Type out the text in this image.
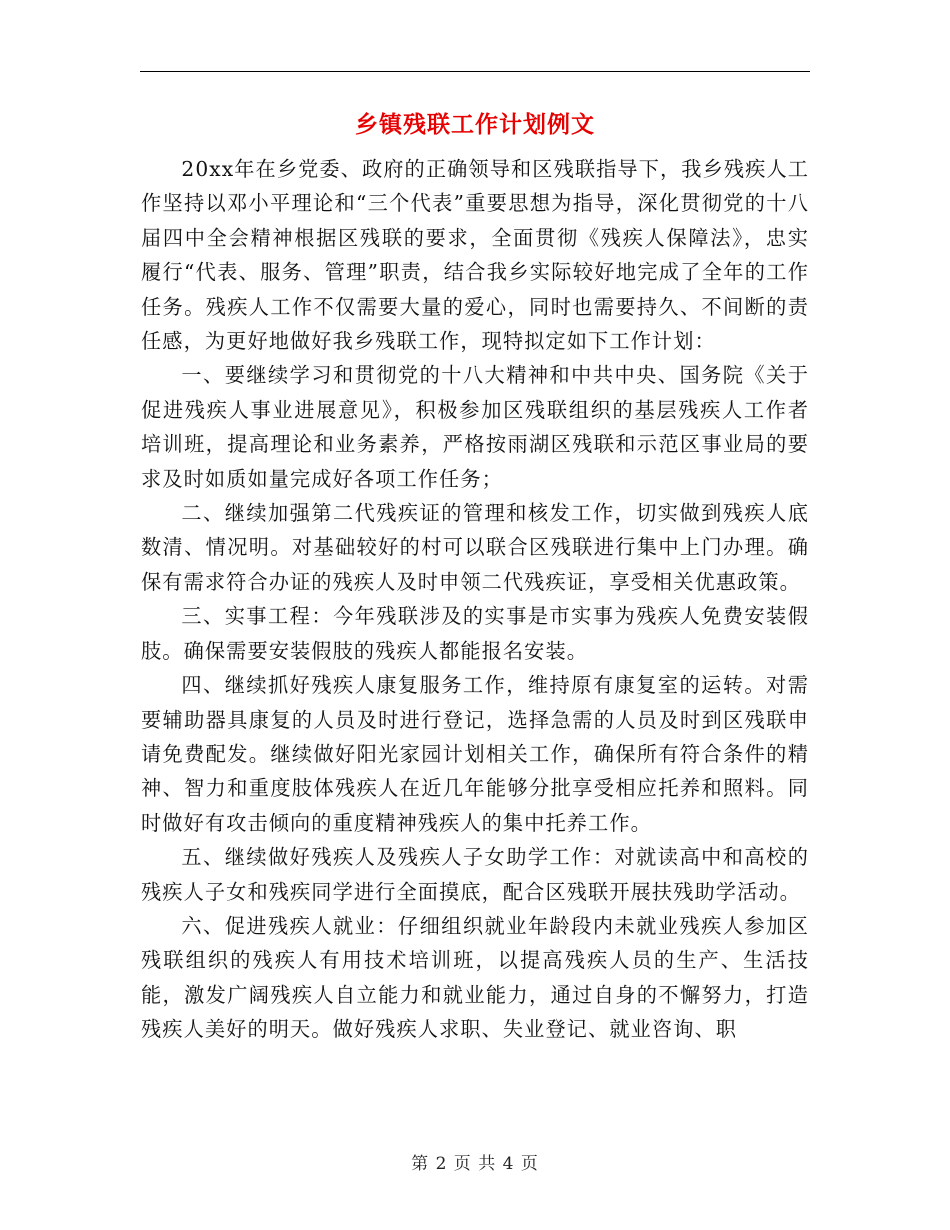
乡镇残联工作计划例文

20xx年在乡党委、政府的正确领导和区残联指导下，我乡残疾人工作坚持以邓小平理论和“三个代表”重要思想为指导，深化贯彻党的十八届四中全会精神根据区残联的要求，全面贯彻《残疾人保障法》，忠实履行“代表、服务、管理”职责，结合我乡实际较好地完成了全年的工作任务。残疾人工作不仅需要大量的爱心，同时也需要持久、不间断的责任感，为更好地做好我乡残联工作，现特拟定如下工作计划：

一、要继续学习和贯彻党的十八大精神和中共中央、国务院《关于促进残疾人事业进展意见》，积极参加区残联组织的基层残疾人工作者培训班，提高理论和业务素养，严格按雨湖区残联和示范区事业局的要求及时如质如量完成好各项工作任务；

二、继续加强第二代残疾证的管理和核发工作，切实做到残疾人底数清、情况明。对基础较好的村可以联合区残联进行集中上门办理。确保有需求符合办证的残疾人及时申领二代残疾证，享受相关优惠政策。

三、实事工程：今年残联涉及的实事是市实事为残疾人免费安装假肢。确保需要安装假肢的残疾人都能报名安装。

四、继续抓好残疾人康复服务工作，维持原有康复室的运转。对需要辅助器具康复的人员及时进行登记，选择急需的人员及时到区残联申请免费配发。继续做好阳光家园计划相关工作，确保所有符合条件的精神、智力和重度肢体残疾人在近几年能够分批享受相应托养和照料。同时做好有攻击倾向的重度精神残疾人的集中托养工作。

五、继续做好残疾人及残疾人子女助学工作：对就读高中和高校的残疾人子女和残疾同学进行全面摸底，配合区残联开展扶残助学活动。

六、促进残疾人就业：仔细组织就业年龄段内未就业残疾人参加区残联组织的残疾人有用技术培训班，以提高残疾人员的生产、生活技能，激发广阔残疾人自立能力和就业能力，通过自身的不懈努力，打造残疾人美好的明天。做好残疾人求职、失业登记、就业咨询、职

第 2 页 共 4 页
